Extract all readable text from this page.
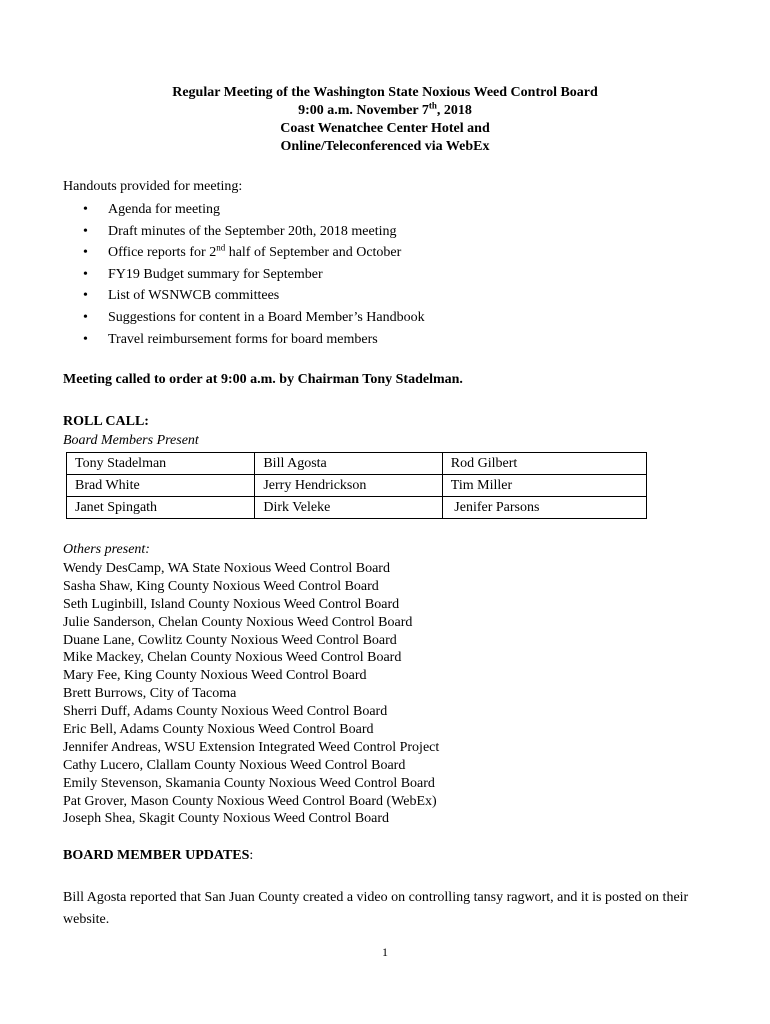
Regular Meeting of the Washington State Noxious Weed Control Board
9:00 a.m. November 7th, 2018
Coast Wenatchee Center Hotel and
Online/Teleconferenced via WebEx
Handouts provided for meeting:
• Agenda for meeting
• Draft minutes of the September 20th, 2018 meeting
• Office reports for 2nd half of September and October
• FY19 Budget summary for September
• List of WSNWCB committees
• Suggestions for content in a Board Member’s Handbook
• Travel reimbursement forms for board members
Meeting called to order at 9:00 a.m. by Chairman Tony Stadelman.
ROLL CALL:
Board Members Present
Tony Stadelman	Bill Agosta	Rod Gilbert
Brad White	Jerry Hendrickson	Tim Miller
Janet Spingath	Dirk Veleke	Jenifer Parsons
Others present:
Wendy DesCamp, WA State Noxious Weed Control Board
Sasha Shaw, King County Noxious Weed Control Board
Seth Luginbill, Island County Noxious Weed Control Board
Julie Sanderson, Chelan County Noxious Weed Control Board
Duane Lane, Cowlitz County Noxious Weed Control Board
Mike Mackey, Chelan County Noxious Weed Control Board
Mary Fee, King County Noxious Weed Control Board
Brett Burrows, City of Tacoma
Sherri Duff, Adams County Noxious Weed Control Board
Eric Bell, Adams County Noxious Weed Control Board
Jennifer Andreas, WSU Extension Integrated Weed Control Project
Cathy Lucero, Clallam County Noxious Weed Control Board
Emily Stevenson, Skamania County Noxious Weed Control Board
Pat Grover, Mason County Noxious Weed Control Board (WebEx)
Joseph Shea, Skagit County Noxious Weed Control Board
BOARD MEMBER UPDATES:
Bill Agosta reported that San Juan County created a video on controlling tansy ragwort, and it is posted on their website.
1
